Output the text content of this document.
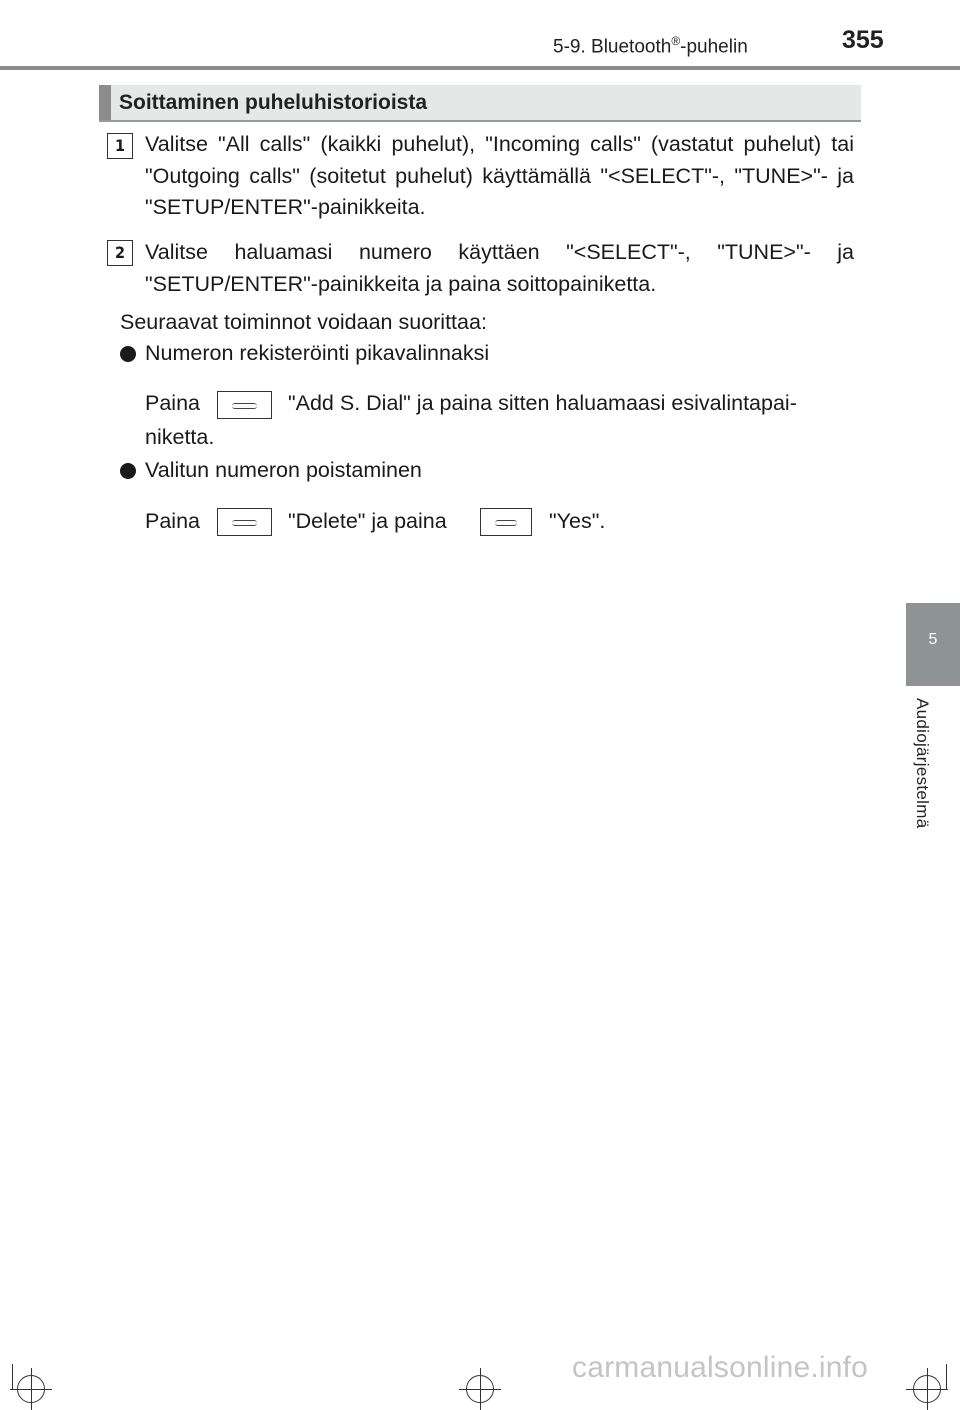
5-9. Bluetooth®-puhelin	355
5
Audiojärjestelmä
Soittaminen puheluhistorioista
1 Valitse "All calls" (kaikki puhelut), "Incoming calls" (vastatut puhelut) tai "Outgoing calls" (soitetut puhelut) käyttämällä "<SELECT"-, "TUNE>"- ja "SETUP/ENTER"-painikkeita.
2 Valitse haluamasi numero käyttäen "<SELECT"-, "TUNE>"- ja "SETUP/ENTER"-painikkeita ja paina soittopainiketta.
Seuraavat toiminnot voidaan suorittaa:
Numeron rekisteröinti pikavalinnaksi
Paina	"Add S. Dial" ja paina sitten haluamaasi esivalintapai-
niketta.
Valitun numeron poistaminen
Paina	"Delete" ja paina	"Yes".
carmanualsonline.info
